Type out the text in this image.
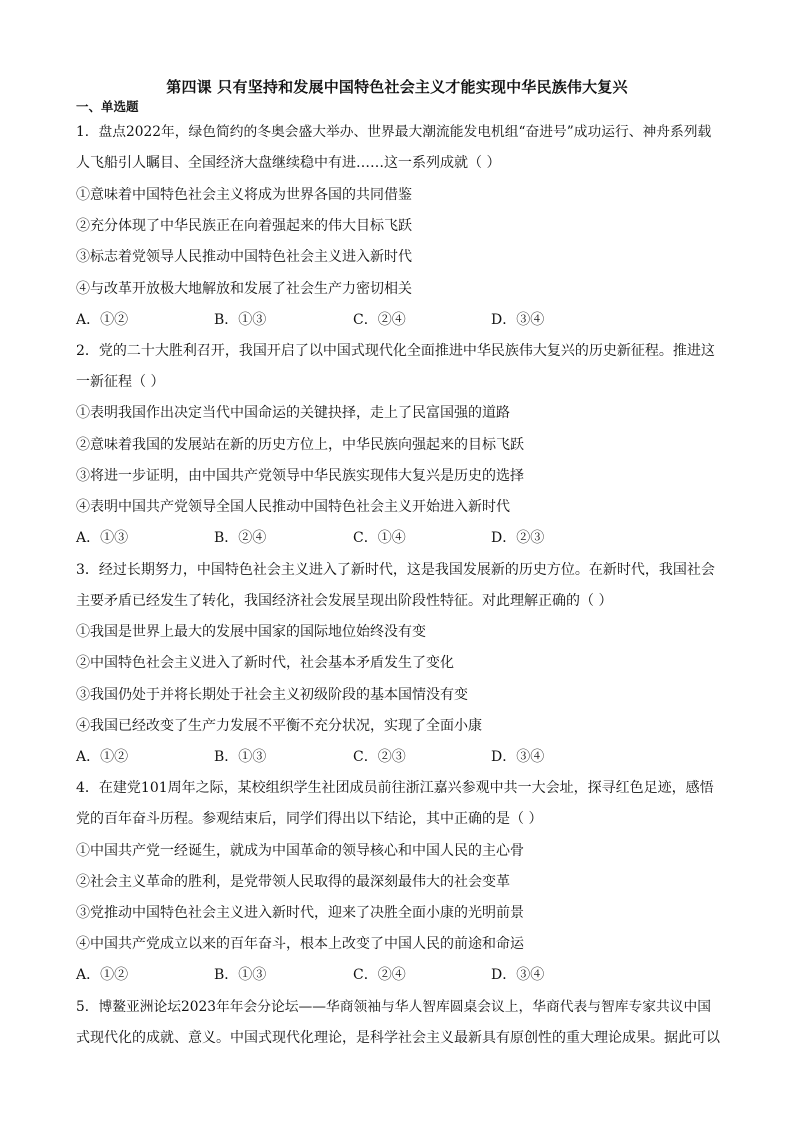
第四课 只有坚持和发展中国特色社会主义才能实现中华民族伟大复兴
一、单选题
1．盘点2022年，绿色简约的冬奥会盛大举办、世界最大潮流能发电机组“奋进号”成功运行、神舟系列载
人飞船引人瞩目、全国经济大盘继续稳中有进……这一系列成就（ ）
①意味着中国特色社会主义将成为世界各国的共同借鉴
②充分体现了中华民族正在向着强起来的伟大目标飞跃
③标志着党领导人民推动中国特色社会主义进入新时代
④与改革开放极大地解放和发展了社会生产力密切相关
A．①②	B．①③	C．②④	D．③④
2．党的二十大胜利召开，我国开启了以中国式现代化全面推进中华民族伟大复兴的历史新征程。推进这
一新征程（ ）
①表明我国作出决定当代中国命运的关键抉择，走上了民富国强的道路
②意味着我国的发展站在新的历史方位上，中华民族向强起来的目标飞跃
③将进一步证明，由中国共产党领导中华民族实现伟大复兴是历史的选择
④表明中国共产党领导全国人民推动中国特色社会主义开始进入新时代
A．①③	B．②④	C．①④	D．②③
3．经过长期努力，中国特色社会主义进入了新时代，这是我国发展新的历史方位。在新时代，我国社会
主要矛盾已经发生了转化，我国经济社会发展呈现出阶段性特征。对此理解正确的（ ）
①我国是世界上最大的发展中国家的国际地位始终没有变
②中国特色社会主义进入了新时代，社会基本矛盾发生了变化
③我国仍处于并将长期处于社会主义初级阶段的基本国情没有变
④我国已经改变了生产力发展不平衡不充分状况，实现了全面小康
A．①②	B．①③	C．②③	D．③④
4．在建党101周年之际，某校组织学生社团成员前往浙江嘉兴参观中共一大会址，探寻红色足迹，感悟
党的百年奋斗历程。参观结束后，同学们得出以下结论，其中正确的是（ ）
①中国共产党一经诞生，就成为中国革命的领导核心和中国人民的主心骨
②社会主义革命的胜利，是党带领人民取得的最深刻最伟大的社会变革
③党推动中国特色社会主义进入新时代，迎来了决胜全面小康的光明前景
④中国共产党成立以来的百年奋斗，根本上改变了中国人民的前途和命运
A．①②	B．①③	C．②④	D．③④
5．博鳌亚洲论坛2023年年会分论坛——华商领袖与华人智库圆桌会议上，华商代表与智库专家共议中国
式现代化的成就、意义。中国式现代化理论，是科学社会主义最新具有原创性的重大理论成果。据此可以
